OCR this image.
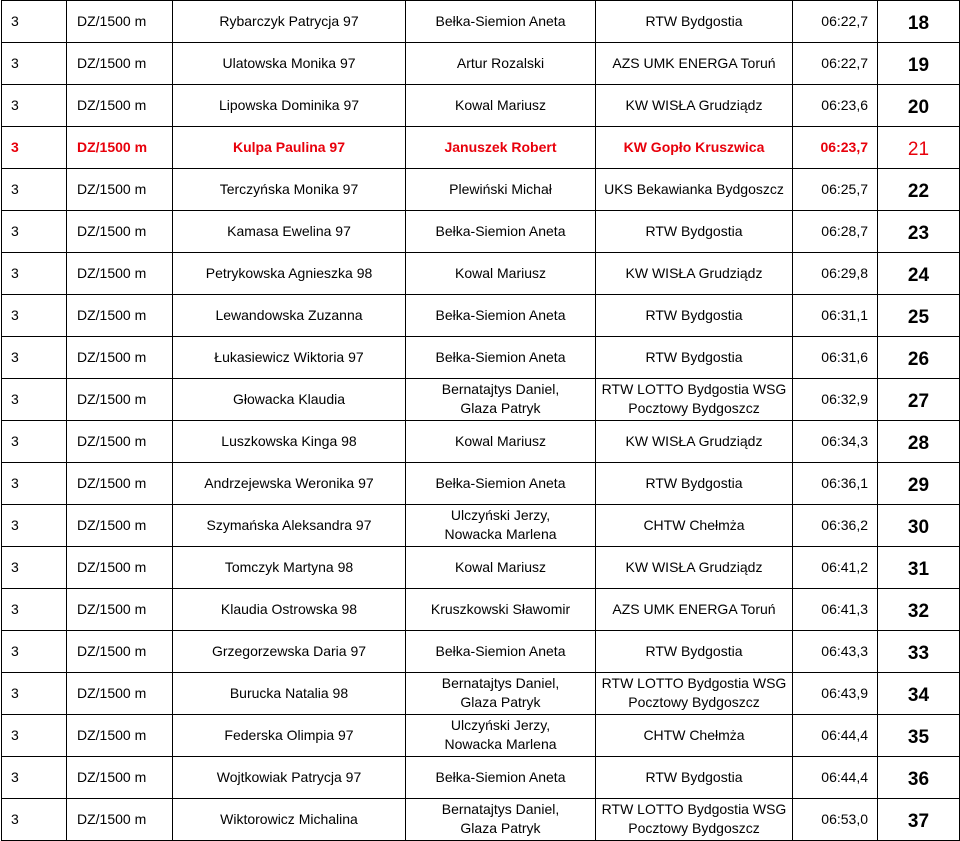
3	DZ/1500 m	Rybarczyk Patrycja 97	Bełka-Siemion Aneta	RTW Bydgostia	06:22,7	18
3	DZ/1500 m	Ulatowska Monika 97	Artur Rozalski	AZS UMK ENERGA Toruń	06:22,7	19
3	DZ/1500 m	Lipowska Dominika 97	Kowal Mariusz	KW WISŁA Grudziądz	06:23,6	20
3	DZ/1500 m	Kulpa Paulina 97	Januszek Robert	KW Gopło Kruszwica	06:23,7	21
3	DZ/1500 m	Terczyńska Monika 97	Plewiński Michał	UKS Bekawianka Bydgoszcz	06:25,7	22
3	DZ/1500 m	Kamasa Ewelina 97	Bełka-Siemion Aneta	RTW Bydgostia	06:28,7	23
3	DZ/1500 m	Petrykowska Agnieszka 98	Kowal Mariusz	KW WISŁA Grudziądz	06:29,8	24
3	DZ/1500 m	Lewandowska Zuzanna	Bełka-Siemion Aneta	RTW Bydgostia	06:31,1	25
3	DZ/1500 m	Łukasiewicz Wiktoria 97	Bełka-Siemion Aneta	RTW Bydgostia	06:31,6	26
3	DZ/1500 m	Głowacka Klaudia	Bernatajtys Daniel,
Glaza Patryk	RTW LOTTO Bydgostia WSG
Pocztowy Bydgoszcz	06:32,9	27
3	DZ/1500 m	Luszkowska Kinga 98	Kowal Mariusz	KW WISŁA Grudziądz	06:34,3	28
3	DZ/1500 m	Andrzejewska Weronika 97	Bełka-Siemion Aneta	RTW Bydgostia	06:36,1	29
3	DZ/1500 m	Szymańska Aleksandra 97	Ulczyński Jerzy,
Nowacka Marlena	CHTW Chełmża	06:36,2	30
3	DZ/1500 m	Tomczyk Martyna 98	Kowal Mariusz	KW WISŁA Grudziądz	06:41,2	31
3	DZ/1500 m	Klaudia Ostrowska 98	Kruszkowski Sławomir	AZS UMK ENERGA Toruń	06:41,3	32
3	DZ/1500 m	Grzegorzewska Daria 97	Bełka-Siemion Aneta	RTW Bydgostia	06:43,3	33
3	DZ/1500 m	Burucka Natalia 98	Bernatajtys Daniel,
Glaza Patryk	RTW LOTTO Bydgostia WSG
Pocztowy Bydgoszcz	06:43,9	34
3	DZ/1500 m	Federska Olimpia 97	Ulczyński Jerzy,
Nowacka Marlena	CHTW Chełmża	06:44,4	35
3	DZ/1500 m	Wojtkowiak Patrycja 97	Bełka-Siemion Aneta	RTW Bydgostia	06:44,4	36
3	DZ/1500 m	Wiktorowicz Michalina	Bernatajtys Daniel,
Glaza Patryk	RTW LOTTO Bydgostia WSG
Pocztowy Bydgoszcz	06:53,0	37
